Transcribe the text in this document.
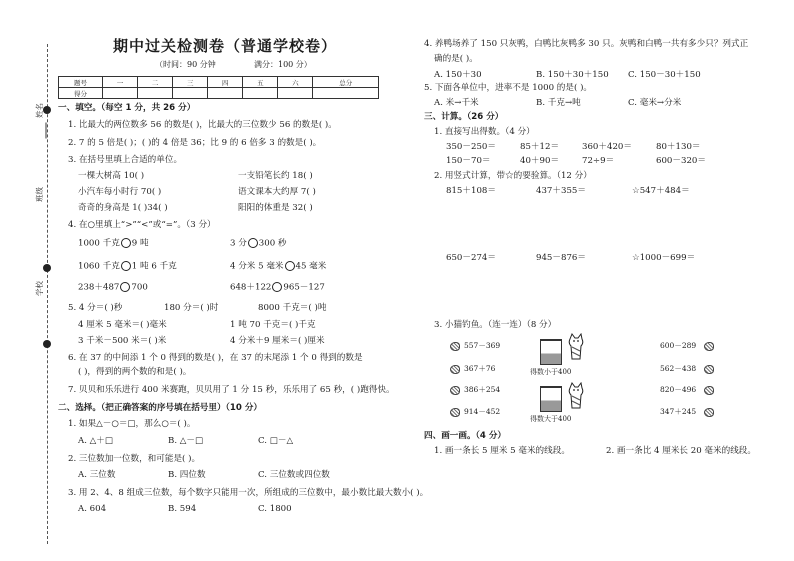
姓名
班级
学校
期中过关检测卷（普通学校卷）
（时间：90 分钟	满分：100 分）
题号	一	二	三	四	五	六	总分
得分							
一、填空。（每空 1 分，共 26 分）
1. 比最大的两位数多 56 的数是( )，比最大的三位数少 56 的数是( )。
2. 7 的 5 倍是( )；( )的 4 倍是 36；比 9 的 6 倍多 3 的数是( )。
3. 在括号里填上合适的单位。
一棵大树高 10( )	一支铅笔长约 18( )
小汽车每小时行 70( )	语文课本大约厚 7( )
奇奇的身高是 1( )34( )	阳阳的体重是 32( )
4. 在○里填上“>”“<”或“=”。（3 分）
1000 千克 9 吨	3 分 300 秒
1060 千克 1 吨 6 千克	4 分米 5 毫米 45 毫米
238＋487 700	648＋122 965－127
5. 4 分＝( )秒	180 分＝( )时	8000 千克＝( )吨
4 厘米 5 毫米＝( )毫米	1 吨 70 千克＝( )千克
3 千米－500 米＝( )米	4 分米＋9 厘米＝( )厘米
6. 在 37 的中间添 1 个 0 得到的数是( )，在 37 的末尾添 1 个 0 得到的数是
( )，得到的两个数的和是( )。
7. 贝贝和乐乐进行 400 米赛跑，贝贝用了 1 分 15 秒，乐乐用了 65 秒，( )跑得快。
二、选择。（把正确答案的序号填在括号里）（10 分）
1. 如果△－○＝□，那么○＝( )。
A. △＋□	B. △－□	C. □－△
2. 三位数加一位数，和可能是( )。
A. 三位数	B. 四位数	C. 三位数或四位数
3. 用 2、4、8 组成三位数，每个数字只能用一次，所组成的三位数中，最小数比最大数小( )。
A. 604	B. 594	C. 1800
4. 养鸭场养了 150 只灰鸭，白鸭比灰鸭多 30 只。灰鸭和白鸭一共有多少只？列式正
确的是( )。
A. 150＋30	B. 150＋30＋150 C. 150－30＋150
5. 下面各单位中，进率不是 1000 的是( )。
A. 米→千米	B. 千克→吨	C. 毫米→分米
三、计算。（26 分）
1. 直接写出得数。（4 分）
350－250＝	85＋12＝	360＋420＝	80＋130＝
150－70＝	40＋90＝	72÷9＝	600－320＝
2. 用竖式计算，带☆的要验算。（12 分）
815＋108＝	437＋355＝	☆547＋484＝
650－274＝	945－876＝	☆1000－699＝
3. 小猫钓鱼。（连一连）（8 分）
557－369
367＋76
386＋254
914－452
得数小于400
得数大于400
600－289
562－438
820－496
347＋245
四、画一画。（4 分）
1. 画一条长 5 厘米 5 毫米的线段。	2. 画一条比 4 厘米长 20 毫米的线段。
